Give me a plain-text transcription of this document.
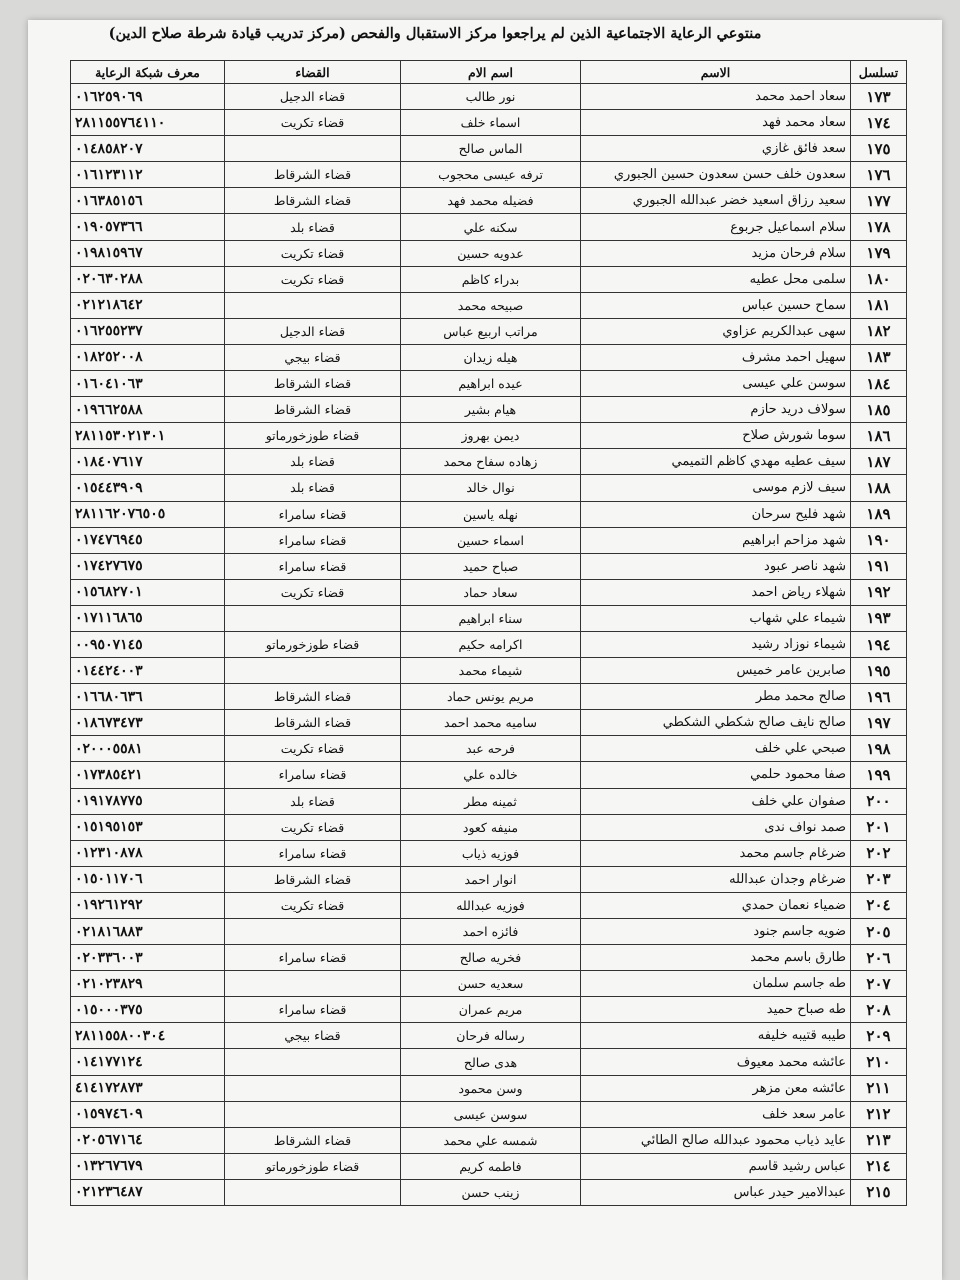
منتوعي الرعاية الاجتماعية الذين لم يراجعوا مركز الاستقبال والفحص (مركز تدريب قيادة شرطة صلاح الدين)
تسلسل	الاسم	اسم الام	القضاء	معرف شبكة الرعاية
١٧٣	سعاد احمد محمد	نور طالب	قضاء الدجيل	٠١٦٢٥٩٠٦٩
١٧٤	سعاد محمد فهد	اسماء خلف	قضاء تكريت	٢٨١١٥٥٧٦٤١١٠
١٧٥	سعد فائق غازي	الماس صالح		٠١٤٨٥٨٢٠٧
١٧٦	سعدون خلف حسن سعدون حسين الجبوري	ترفه عيسى محجوب	قضاء الشرقاط	٠١٦١٢٣١١٢
١٧٧	سعيد رزاق اسعيد خضر عبدالله الجبوري	فضيله محمد فهد	قضاء الشرقاط	٠١٦٣٨٥١٥٦
١٧٨	سلام اسماعيل جربوع	سكنه علي	قضاء بلد	٠١٩٠٥٧٣٦٦
١٧٩	سلام فرحان مزيد	عدويه حسين	قضاء تكريت	٠١٩٨١٥٩٦٧
١٨٠	سلمى محل عطيه	بدراء كاظم	قضاء تكريت	٠٢٠٦٣٠٢٨٨
١٨١	سماح حسين عباس	صبيحه محمد		٠٢١٢١٨٦٤٢
١٨٢	سهى عبدالكريم عزاوي	مراتب اربيع عباس	قضاء الدجيل	٠١٦٢٥٥٢٣٧
١٨٣	سهيل احمد مشرف	هيله زيدان	قضاء بيجي	٠١٨٢٥٢٠٠٨
١٨٤	سوسن علي عيسى	عيده ابراهيم	قضاء الشرقاط	٠١٦٠٤١٠٦٣
١٨٥	سولاف دريد حازم	هيام بشير	قضاء الشرقاط	٠١٩٦٦٢٥٨٨
١٨٦	سوما شورش صلاح	ديمن بهروز	قضاء طوزخورماتو	٢٨١١٥٣٠٢١٣٠١
١٨٧	سيف عطيه مهدي كاظم التميمي	زهاده سفاح محمد	قضاء بلد	٠١٨٤٠٧٦١٧
١٨٨	سيف لازم موسى	نوال خالد	قضاء بلد	٠١٥٤٤٣٩٠٩
١٨٩	شهد فليح سرحان	نهله ياسين	قضاء سامراء	٢٨١١٦٢٠٧٦٥٠٥
١٩٠	شهد مزاحم ابراهيم	اسماء حسين	قضاء سامراء	٠١٧٤٧٦٩٤٥
١٩١	شهد ناصر عبود	صباح حميد	قضاء سامراء	٠١٧٤٢٧٦٧٥
١٩٢	شهلاء رياض احمد	سعاد حماد	قضاء تكريت	٠١٥٦٨٢٧٠١
١٩٣	شيماء علي شهاب	سناء ابراهيم		٠١٧١١٦٨٦٥
١٩٤	شيماء نوزاد رشيد	اكرامه حكيم	قضاء طوزخورماتو	٠٠٩٥٠٧١٤٥
١٩٥	صابرين عامر خميس	شيماء محمد		٠١٤٤٢٤٠٠٣
١٩٦	صالح محمد مطر	مريم يونس حماد	قضاء الشرقاط	٠١٦٦٨٠٦٣٦
١٩٧	صالح نايف صالح شكطي الشكطي	ساميه محمد احمد	قضاء الشرقاط	٠١٨٦٧٣٤٧٣
١٩٨	صبحي علي خلف	فرحه عبد	قضاء تكريت	٠٢٠٠٠٥٥٨١
١٩٩	صفا محمود حلمي	خالده علي	قضاء سامراء	٠١٧٣٨٥٤٢١
٢٠٠	صفوان علي خلف	ثمينه مطر	قضاء بلد	٠١٩١٧٨٧٧٥
٢٠١	صمد نواف ندى	منيفه كعود	قضاء تكريت	٠١٥١٩٥١٥٣
٢٠٢	ضرغام جاسم محمد	فوزيه ذياب	قضاء سامراء	٠١٢٣١٠٨٧٨
٢٠٣	ضرغام وجدان عبدالله	انوار احمد	قضاء الشرقاط	٠١٥٠١١٧٠٦
٢٠٤	ضمياء نعمان حمدي	فوزيه عبدالله	قضاء تكريت	٠١٩٢٦١٢٩٢
٢٠٥	ضويه جاسم جنود	فائزه احمد		٠٢١٨١٦٨٨٣
٢٠٦	طارق باسم محمد	فخريه صالح	قضاء سامراء	٠٢٠٣٣٦٠٠٣
٢٠٧	طه جاسم سلمان	سعديه حسن		٠٢١٠٢٣٨٢٩
٢٠٨	طه صباح حميد	مريم عمران	قضاء سامراء	٠١٥٠٠٠٣٧٥
٢٠٩	طيبه قتيبه خليفه	رساله فرحان	قضاء بيجي	٢٨١١٥٥٨٠٠٣٠٤
٢١٠	عائشه محمد معيوف	هدى صالح		٠١٤١٧٧١٢٤
٢١١	عائشه معن مزهر	وسن محمود		٤١٤١٧٢٨٧٣
٢١٢	عامر سعد خلف	سوسن عيسى		٠١٥٩٧٤٦٠٩
٢١٣	عايد ذياب محمود عبدالله صالح الطائي	شمسه علي محمد	قضاء الشرقاط	٠٢٠٥٦٧١٦٤
٢١٤	عباس رشيد قاسم	فاطمه كريم	قضاء طوزخورماتو	٠١٣٢٦٧٦٧٩
٢١٥	عبدالامير حيدر عباس	زينب حسن		٠٢١٢٣٦٤٨٧
